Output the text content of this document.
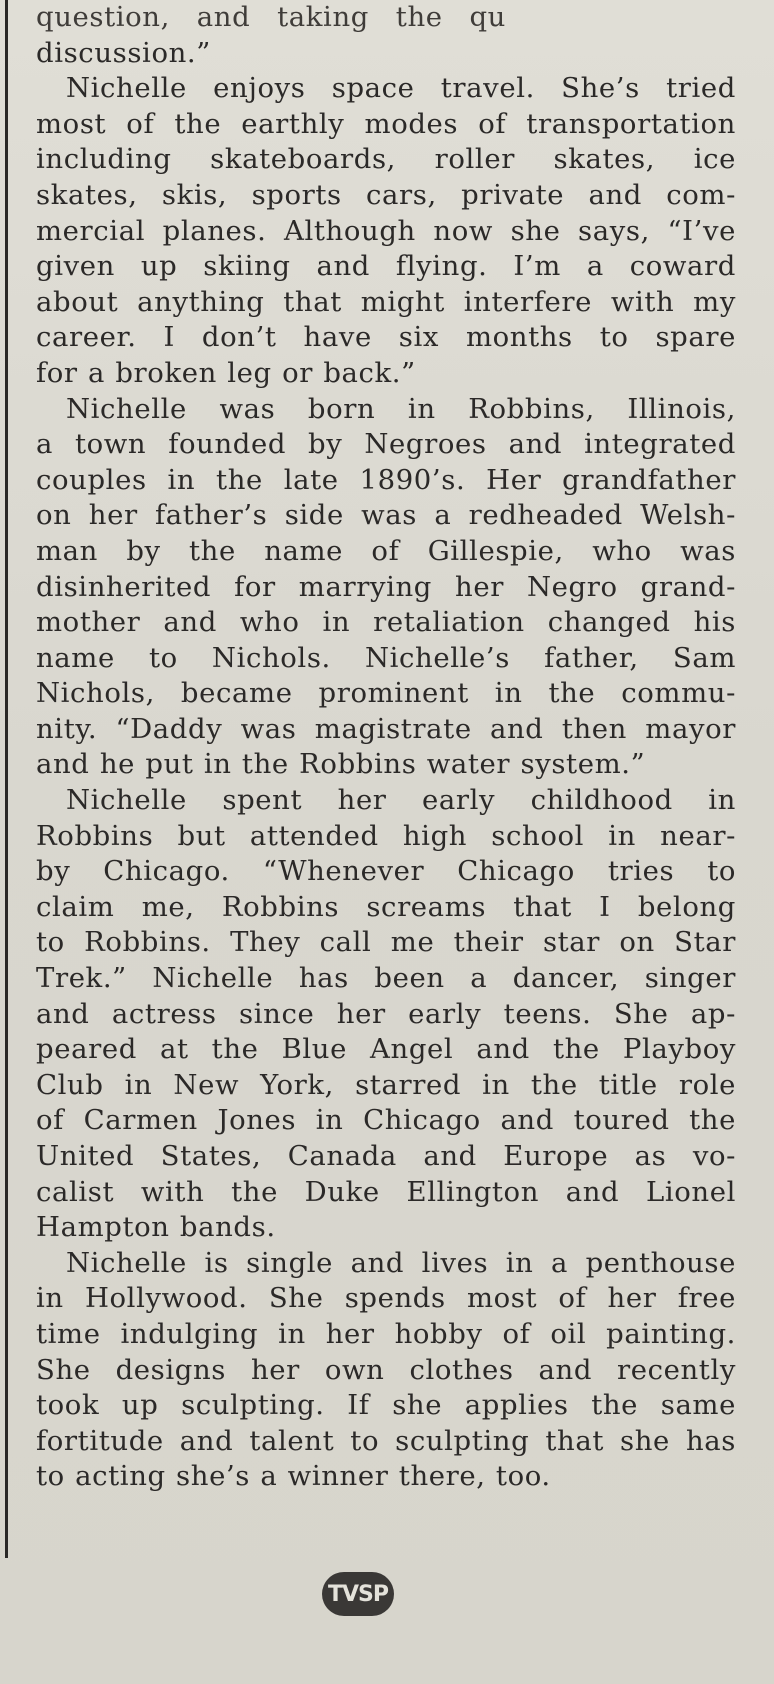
question, and taking the qu
discussion.”
Nichelle enjoys space travel. She’s tried
most of the earthly modes of transportation
including skateboards, roller skates, ice
skates, skis, sports cars, private and com-
mercial planes. Although now she says, “I’ve
given up skiing and flying. I’m a coward
about anything that might interfere with my
career. I don’t have six months to spare
for a broken leg or back.”
Nichelle was born in Robbins, Illinois,
a town founded by Negroes and integrated
couples in the late 1890’s. Her grandfather
on her father’s side was a redheaded Welsh-
man by the name of Gillespie, who was
disinherited for marrying her Negro grand-
mother and who in retaliation changed his
name to Nichols. Nichelle’s father, Sam
Nichols, became prominent in the commu-
nity. “Daddy was magistrate and then mayor
and he put in the Robbins water system.”
Nichelle spent her early childhood in
Robbins but attended high school in near-
by Chicago. “Whenever Chicago tries to
claim me, Robbins screams that I belong
to Robbins. They call me their star on Star
Trek.” Nichelle has been a dancer, singer
and actress since her early teens. She ap-
peared at the Blue Angel and the Playboy
Club in New York, starred in the title role
of Carmen Jones in Chicago and toured the
United States, Canada and Europe as vo-
calist with the Duke Ellington and Lionel
Hampton bands.
Nichelle is single and lives in a penthouse
in Hollywood. She spends most of her free
time indulging in her hobby of oil painting.
She designs her own clothes and recently
took up sculpting. If she applies the same
fortitude and talent to sculpting that she has
to acting she’s a winner there, too.
TVSP
